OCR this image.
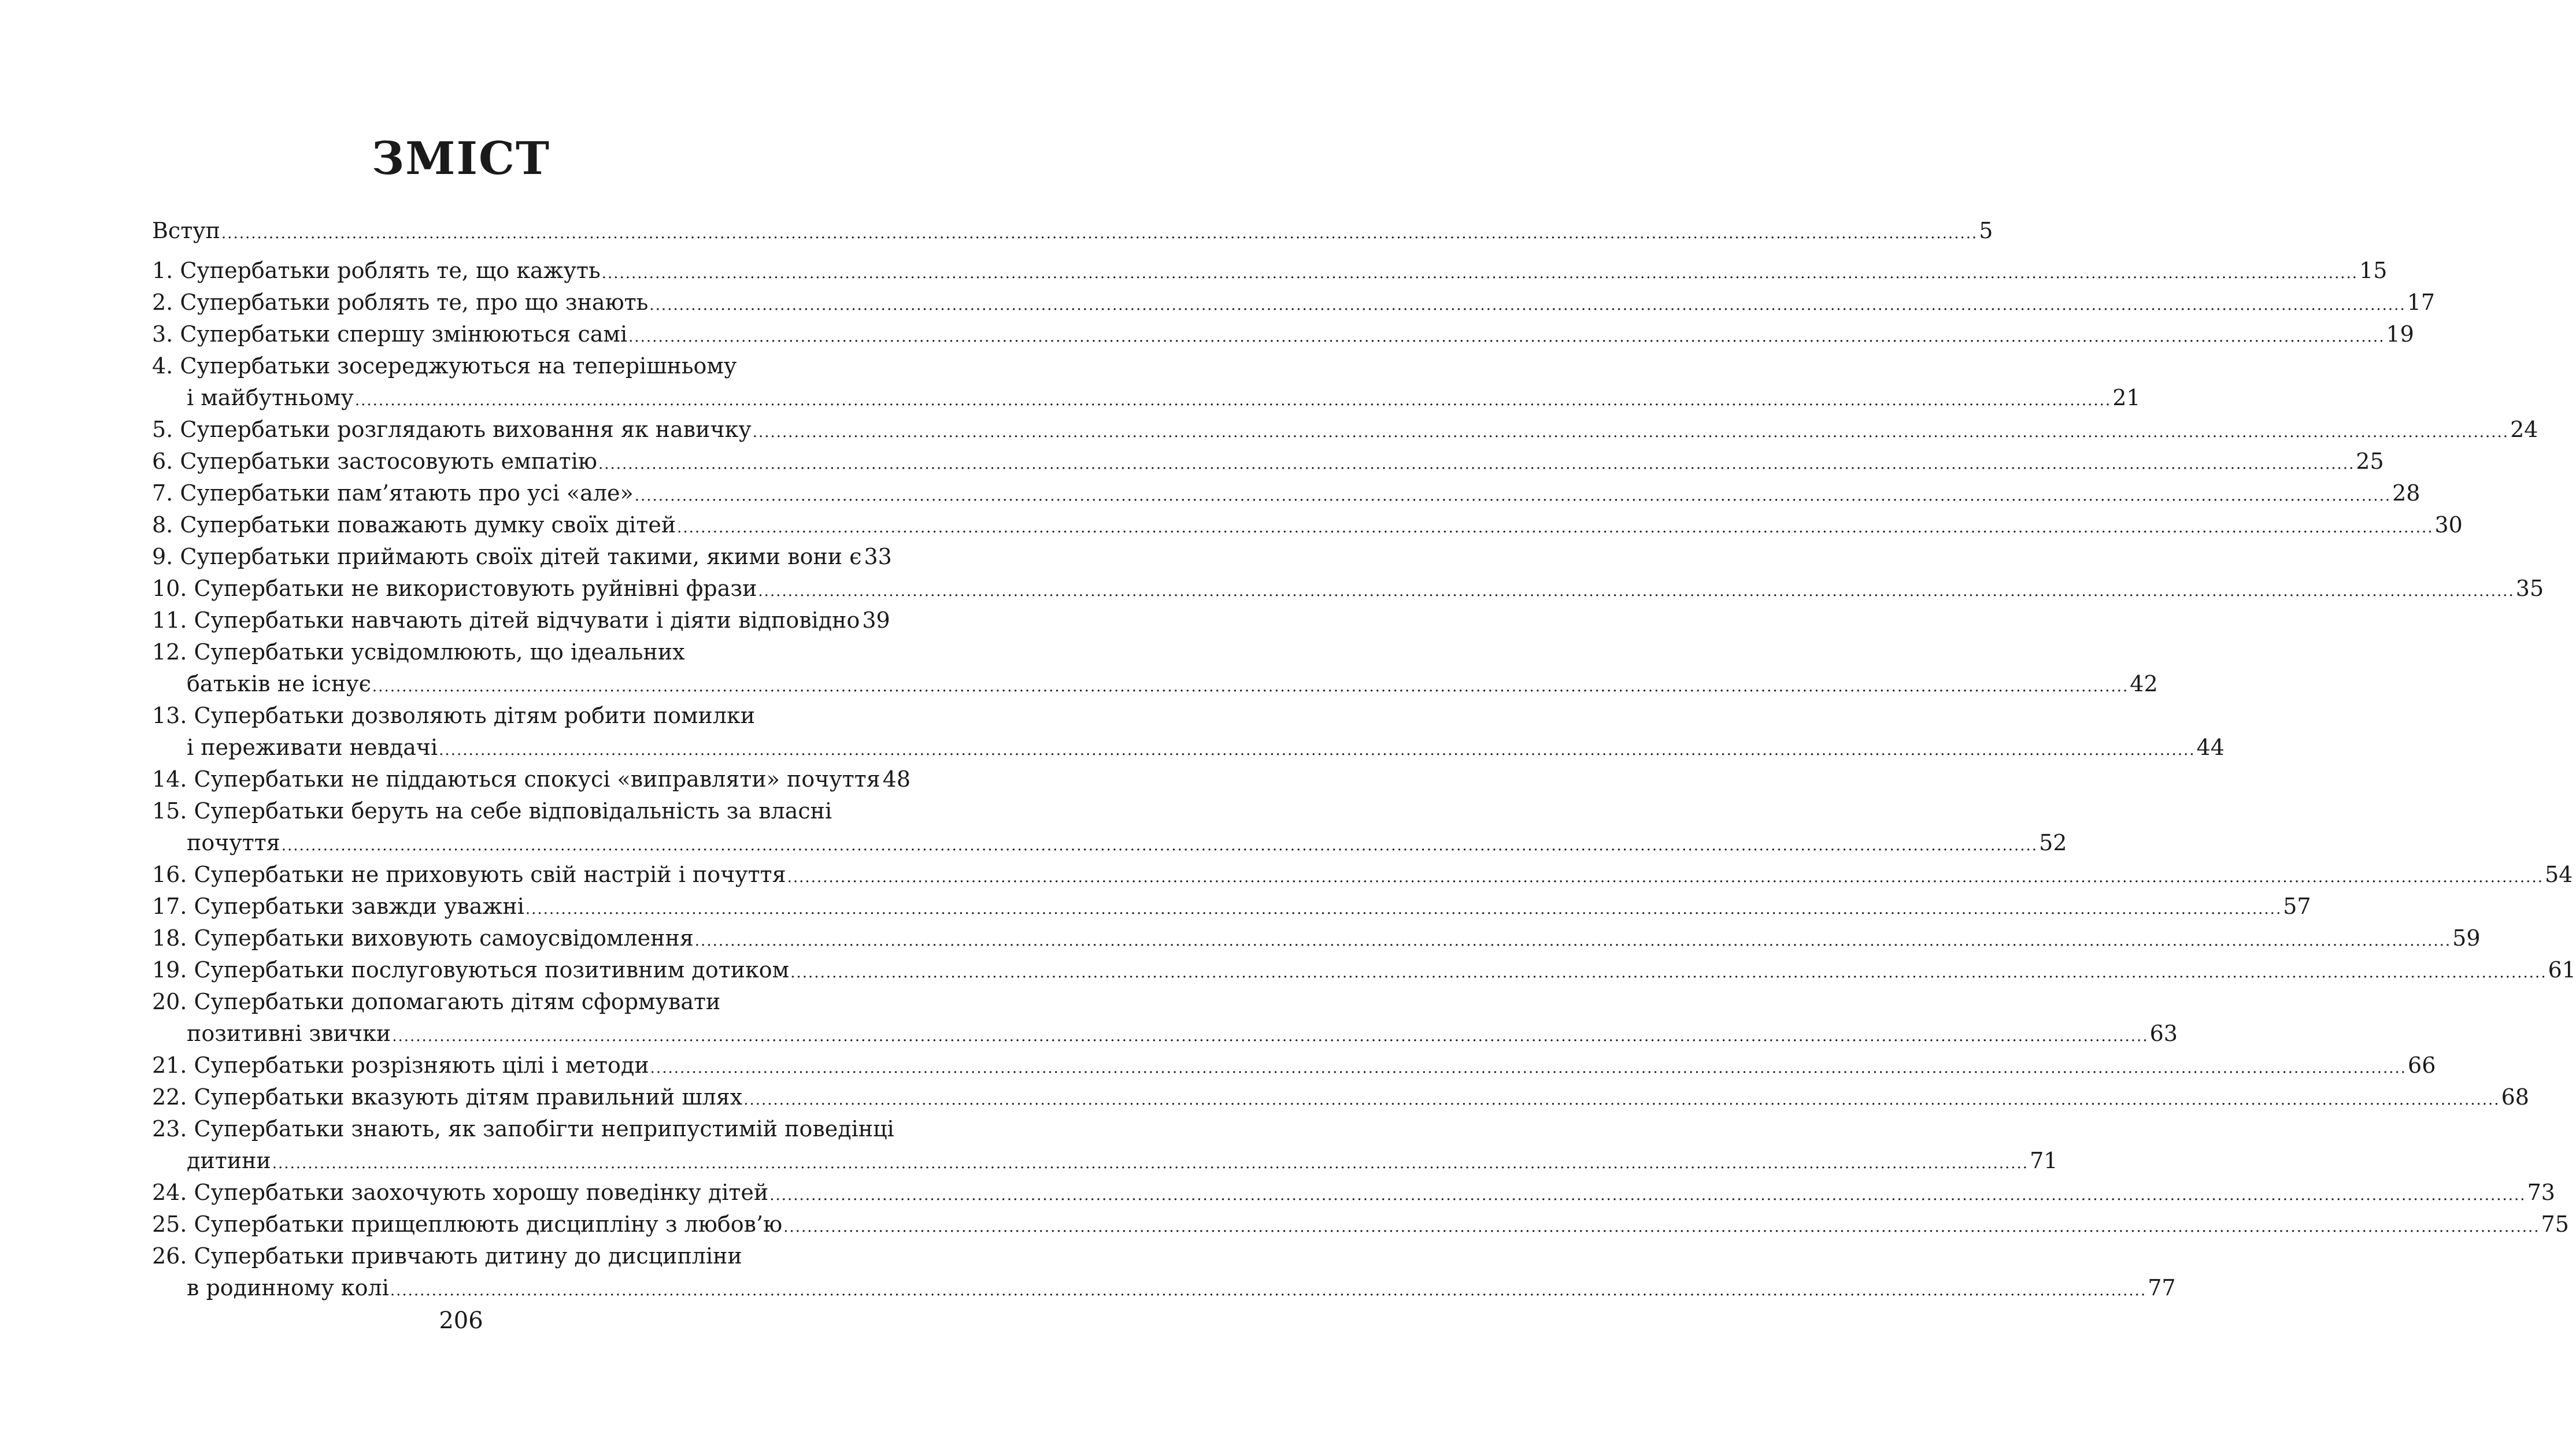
ЗМІСТ
Вступ .....	5
1. Супербатьки роблять те, що кажуть .....	15
2. Супербатьки роблять те, про що знають .....	17
3. Супербатьки спершу змінюються самі .....	19
4. Супербатьки зосереджуються на теперішньому
і майбутньому .....	21
5. Супербатьки розглядають виховання як навичку .....	24
6. Супербатьки застосовують емпатію .....	25
7. Супербатьки пам’ятають про усі «але» .....	28
8. Супербатьки поважають думку своїх дітей .....	30
9. Супербатьки приймають своїх дітей такими, якими вони є 33
10. Супербатьки не використовують руйнівні фрази .....	35
11. Супербатьки навчають дітей відчувати і діяти відповідно 39
12. Супербатьки усвідомлюють, що ідеальних
батьків не існує .....	42
13. Супербатьки дозволяють дітям робити помилки
і переживати невдачі .....	44
14. Супербатьки не піддаються спокусі «виправляти» почуття 48
15. Супербатьки беруть на себе відповідальність за власні
почуття .....	52
16. Супербатьки не приховують свій настрій і почуття .....	54
17. Супербатьки завжди уважні .....	57
18. Супербатьки виховують самоусвідомлення .....	59
19. Супербатьки послуговуються позитивним дотиком .....	61
20. Супербатьки допомагають дітям сформувати
позитивні звички .....	63
21. Супербатьки розрізняють цілі і методи .....	66
22. Супербатьки вказують дітям правильний шлях .....	68
23. Супербатьки знають, як запобігти неприпустимій поведінці
дитини .....	71
24. Супербатьки заохочують хорошу поведінку дітей .....	73
25. Супербатьки прищеплюють дисципліну з любов’ю .....	75
26. Супербатьки привчають дитину до дисципліни
в родинному колі .....	77
206
